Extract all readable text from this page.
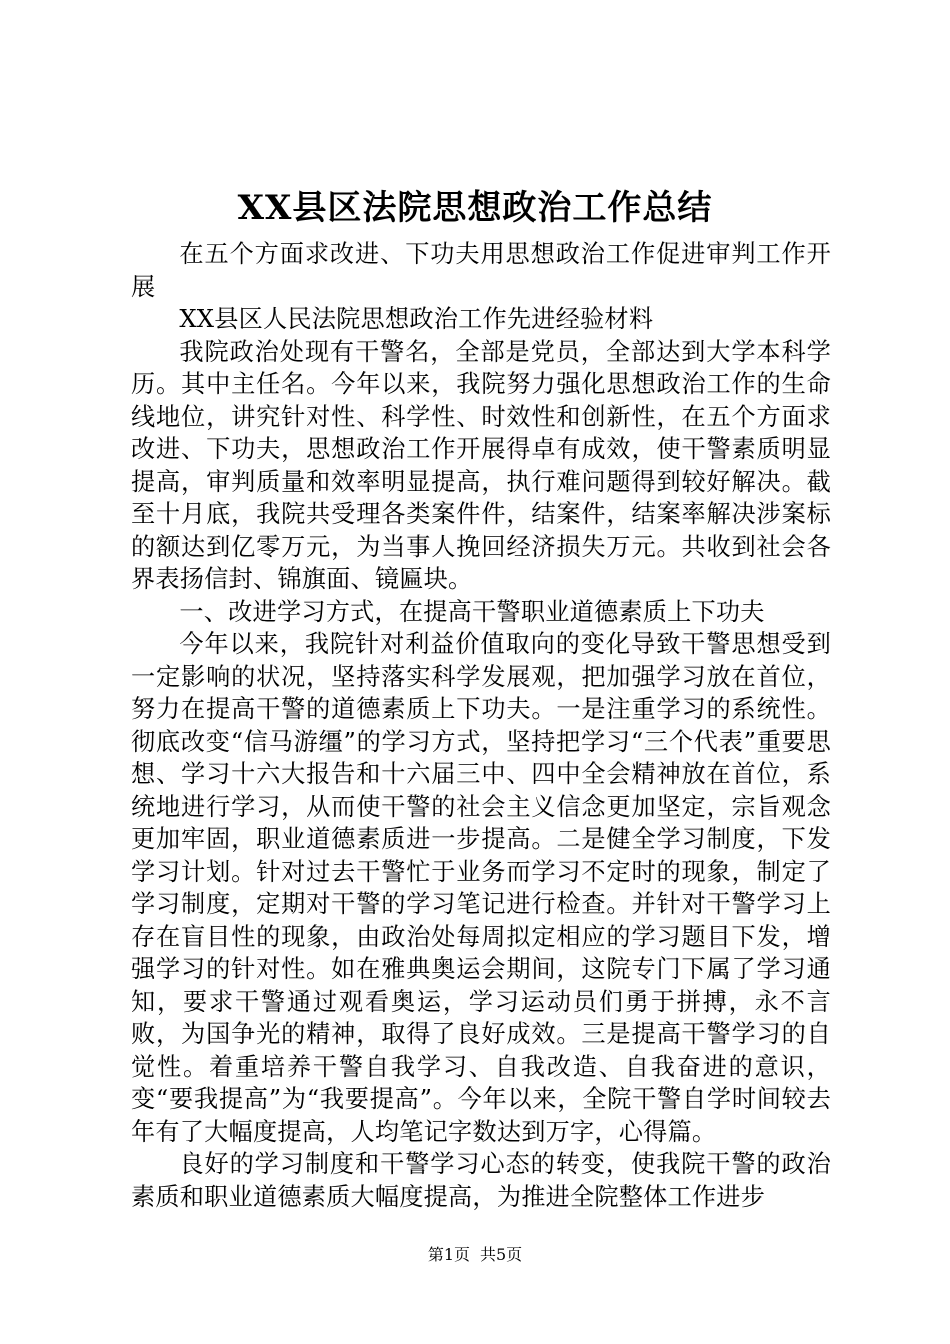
XX县区法院思想政治工作总结

在五个方面求改进、下功夫用思想政治工作促进审判工作开展

XX县区人民法院思想政治工作先进经验材料

我院政治处现有干警名，全部是党员，全部达到大学本科学历。其中主任名。今年以来，我院努力强化思想政治工作的生命线地位，讲究针对性、科学性、时效性和创新性，在五个方面求改进、下功夫，思想政治工作开展得卓有成效，使干警素质明显提高，审判质量和效率明显提高，执行难问题得到较好解决。截至十月底，我院共受理各类案件件，结案件，结案率解决涉案标的额达到亿零万元，为当事人挽回经济损失万元。共收到社会各界表扬信封、锦旗面、镜匾块。

一、改进学习方式，在提高干警职业道德素质上下功夫

今年以来，我院针对利益价值取向的变化导致干警思想受到一定影响的状况，坚持落实科学发展观，把加强学习放在首位，努力在提高干警的道德素质上下功夫。一是注重学习的系统性。彻底改变“信马游缰”的学习方式，坚持把学习“三个代表”重要思想、学习十六大报告和十六届三中、四中全会精神放在首位，系统地进行学习，从而使干警的社会主义信念更加坚定，宗旨观念更加牢固，职业道德素质进一步提高。二是健全学习制度，下发学习计划。针对过去干警忙于业务而学习不定时的现象，制定了学习制度，定期对干警的学习笔记进行检查。并针对干警学习上存在盲目性的现象，由政治处每周拟定相应的学习题目下发，增强学习的针对性。如在雅典奥运会期间，这院专门下属了学习通知，要求干警通过观看奥运，学习运动员们勇于拼搏，永不言败，为国争光的精神，取得了良好成效。三是提高干警学习的自觉性。着重培养干警自我学习、自我改造、自我奋进的意识，变“要我提高”为“我要提高”。今年以来，全院干警自学时间较去年有了大幅度提高，人均笔记字数达到万字，心得篇。

良好的学习制度和干警学习心态的转变，使我院干警的政治素质和职业道德素质大幅度提高，为推进全院整体工作进步

第1页 共5页
